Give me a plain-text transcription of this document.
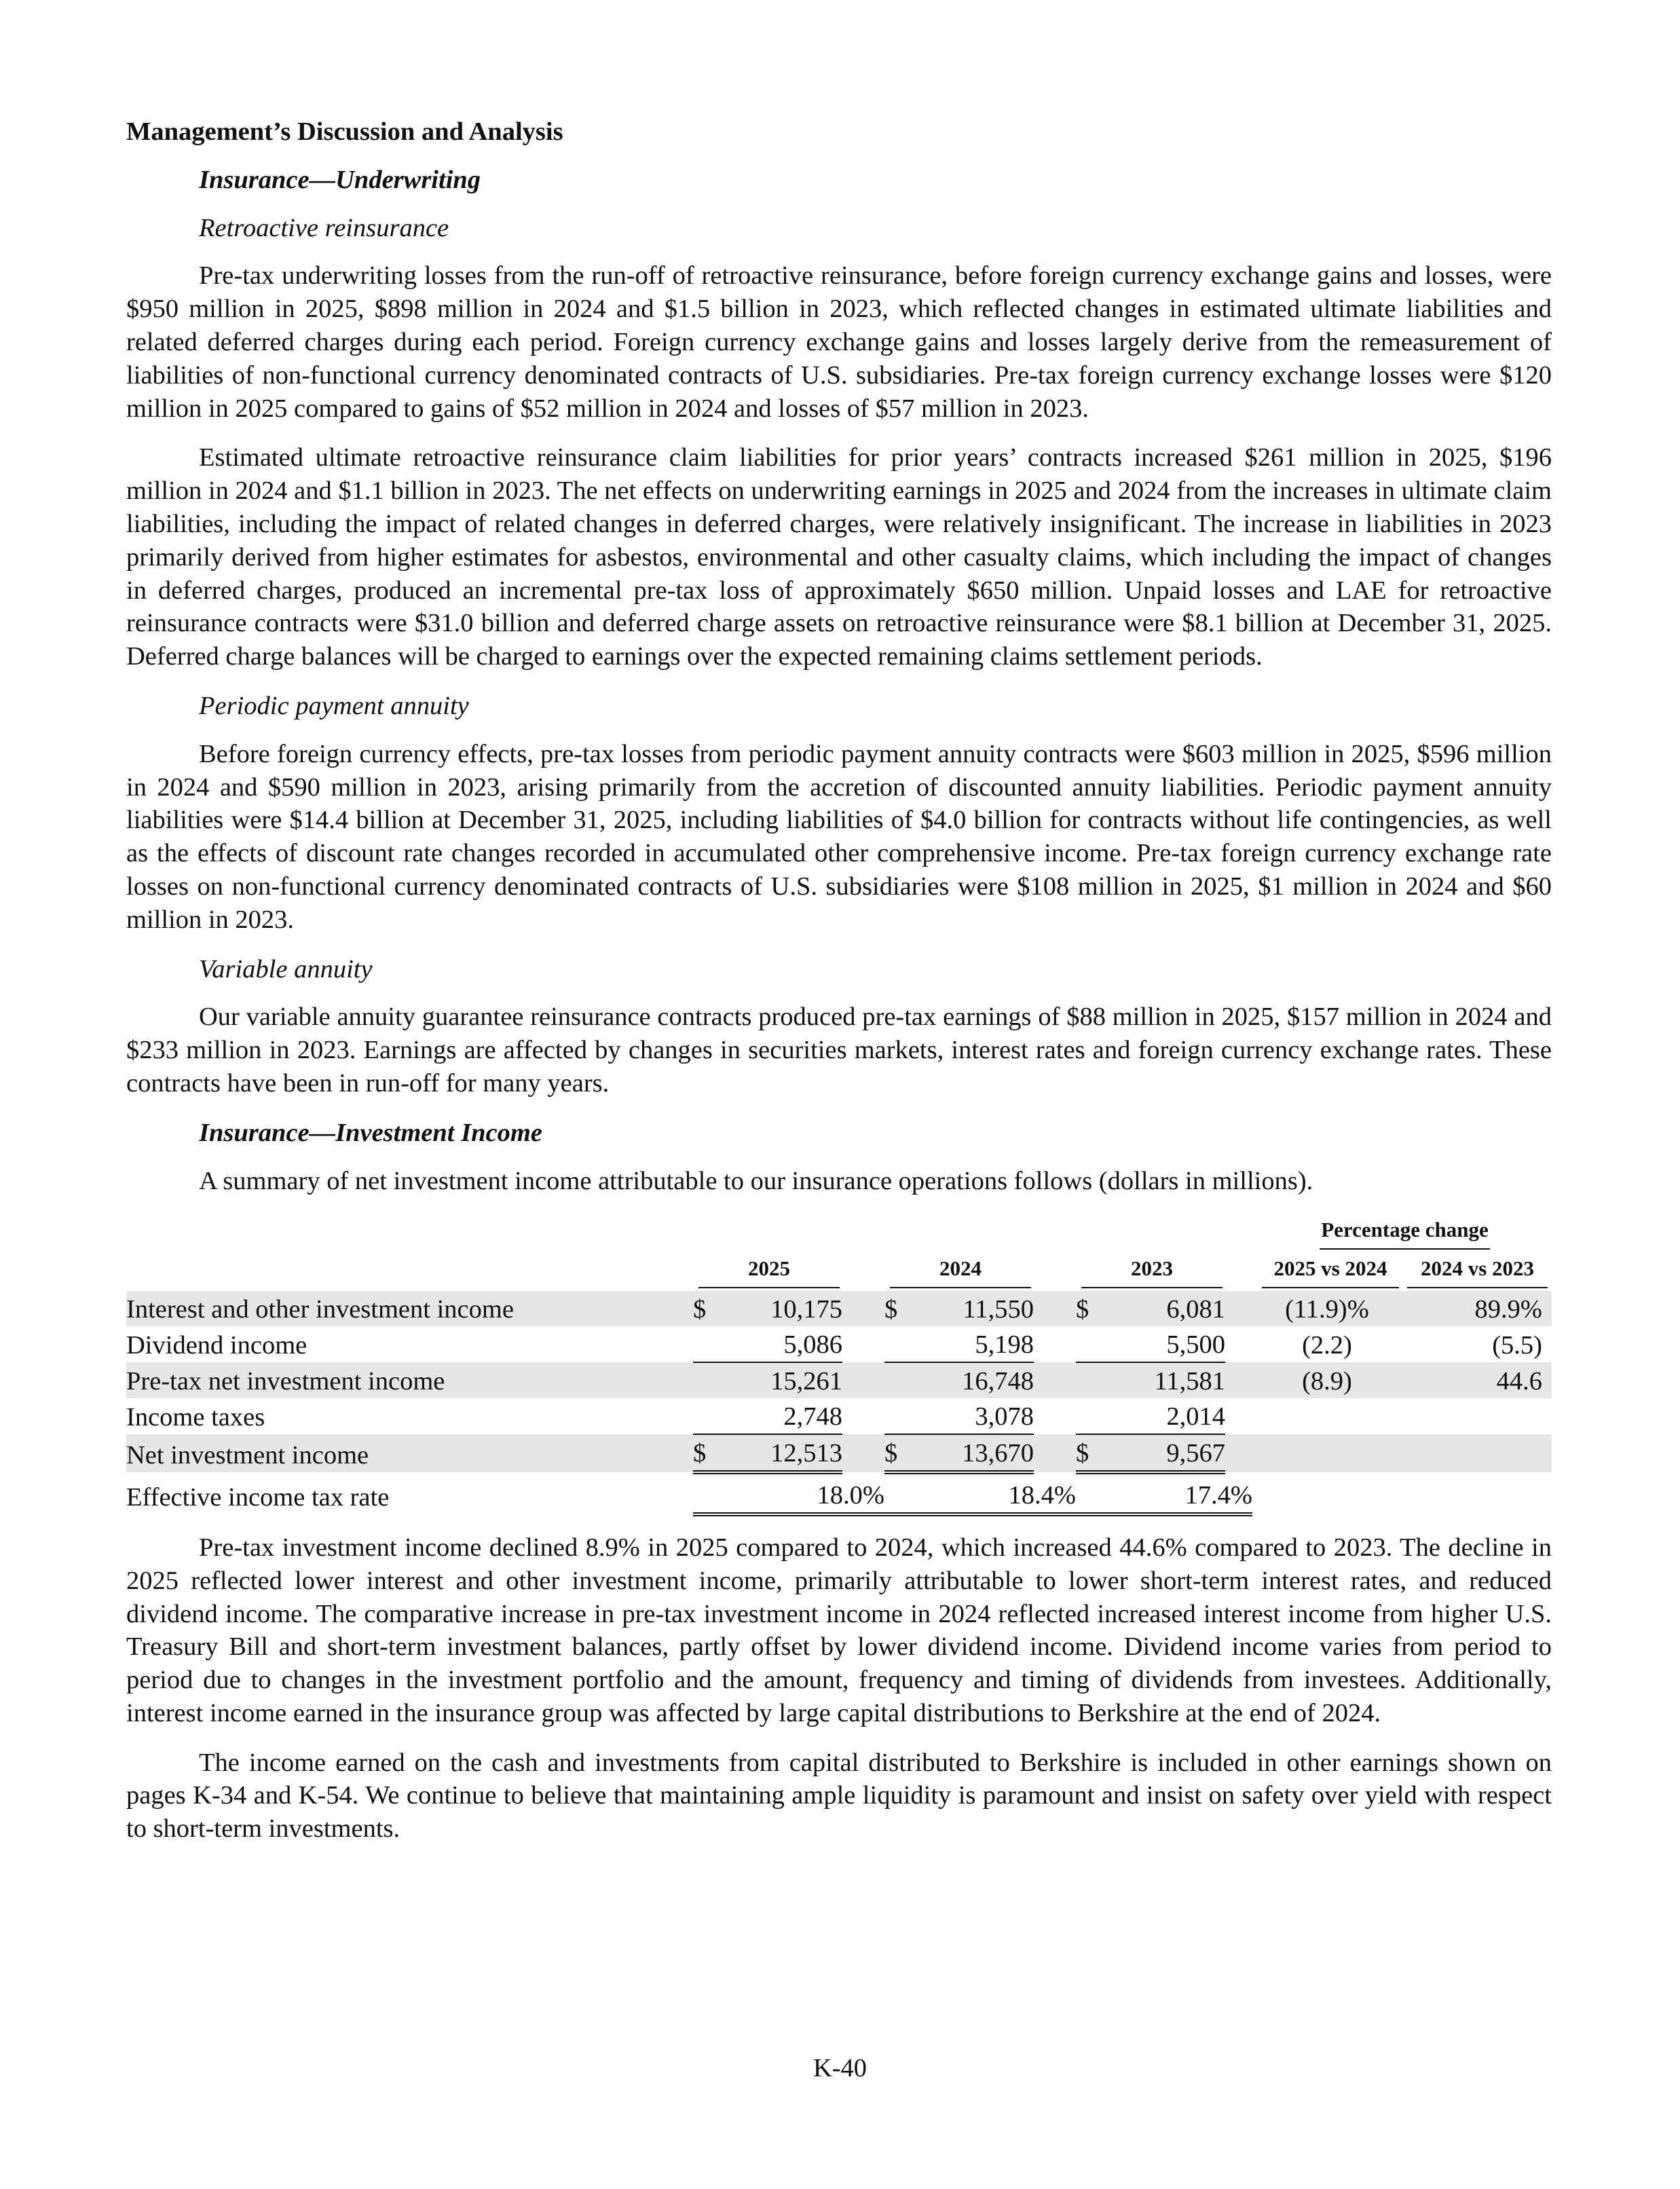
Management’s Discussion and Analysis
Insurance—Underwriting
Retroactive reinsurance

Pre-tax underwriting losses from the run-off of retroactive reinsurance, before foreign currency exchange gains and losses, were $950 million in 2025, $898 million in 2024 and $1.5 billion in 2023, which reflected changes in estimated ultimate liabilities and related deferred charges during each period. Foreign currency exchange gains and losses largely derive from the remeasurement of liabilities of non-functional currency denominated contracts of U.S. subsidiaries. Pre-tax foreign currency exchange losses were $120 million in 2025 compared to gains of $52 million in 2024 and losses of $57 million in 2023.

Estimated ultimate retroactive reinsurance claim liabilities for prior years’ contracts increased $261 million in 2025, $196 million in 2024 and $1.1 billion in 2023. The net effects on underwriting earnings in 2025 and 2024 from the increases in ultimate claim liabilities, including the impact of related changes in deferred charges, were relatively insignificant. The increase in liabilities in 2023 primarily derived from higher estimates for asbestos, environmental and other casualty claims, which including the impact of changes in deferred charges, produced an incremental pre-tax loss of approximately $650 million. Unpaid losses and LAE for retroactive reinsurance contracts were $31.0 billion and deferred charge assets on retroactive reinsurance were $8.1 billion at December 31, 2025. Deferred charge balances will be charged to earnings over the expected remaining claims settlement periods.

Periodic payment annuity

Before foreign currency effects, pre-tax losses from periodic payment annuity contracts were $603 million in 2025, $596 million in 2024 and $590 million in 2023, arising primarily from the accretion of discounted annuity liabilities. Periodic payment annuity liabilities were $14.4 billion at December 31, 2025, including liabilities of $4.0 billion for contracts without life contingencies, as well as the effects of discount rate changes recorded in accumulated other comprehensive income. Pre-tax foreign currency exchange rate losses on non-functional currency denominated contracts of U.S. subsidiaries were $108 million in 2025, $1 million in 2024 and $60 million in 2023.

Variable annuity

Our variable annuity guarantee reinsurance contracts produced pre-tax earnings of $88 million in 2025, $157 million in 2024 and $233 million in 2023. Earnings are affected by changes in securities markets, interest rates and foreign currency exchange rates. These contracts have been in run-off for many years.

Insurance—Investment Income

A summary of net investment income attributable to our insurance operations follows (dollars in millions).

										Percentage change	

	2025			2024			2023			2025 vs 2024	2024 vs 2023

Interest and other investment income	$	10,175		$	11,550		$	6,081		(11.9)%	89.9%
Dividend income		5,086			5,198			5,500		(2.2)	(5.5)
Pre-tax net investment income		15,261			16,748			11,581		(8.9)	44.6
Income taxes		2,748			3,078			2,014			
Net investment income	$	12,513		$	13,670		$	9,567			
Effective income tax rate		18.0%			18.4%			17.4%			

Pre-tax investment income declined 8.9% in 2025 compared to 2024, which increased 44.6% compared to 2023. The decline in 2025 reflected lower interest and other investment income, primarily attributable to lower short-term interest rates, and reduced dividend income. The comparative increase in pre-tax investment income in 2024 reflected increased interest income from higher U.S. Treasury Bill and short-term investment balances, partly offset by lower dividend income. Dividend income varies from period to period due to changes in the investment portfolio and the amount, frequency and timing of dividends from investees. Additionally, interest income earned in the insurance group was affected by large capital distributions to Berkshire at the end of 2024.

The income earned on the cash and investments from capital distributed to Berkshire is included in other earnings shown on pages K-34 and K-54. We continue to believe that maintaining ample liquidity is paramount and insist on safety over yield with respect to short-term investments.

K-40
